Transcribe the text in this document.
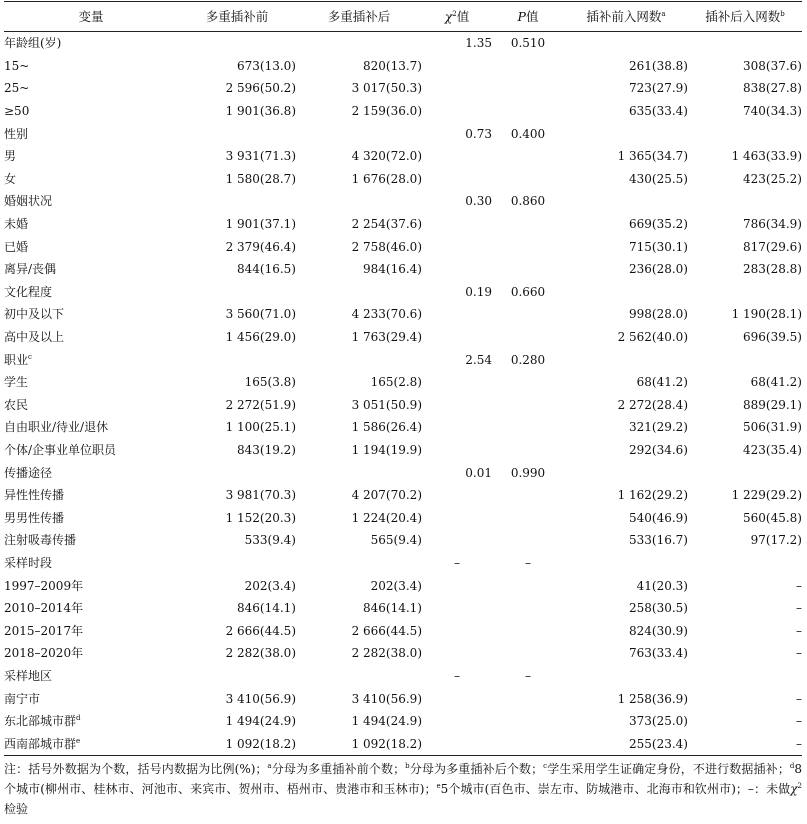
变量	多重插补前	多重插补后	$\chi^2$值	P值	插补前入网数$^a$	插补后入网数$^b$
年龄组(岁)			1.35	0.510		
15~	673(13.0)	820(13.7)			261(38.8)	308(37.6)
25~	2 596(50.2)	3 017(50.3)			723(27.9)	838(27.8)
≥50	1 901(36.8)	2 159(36.0)			635(33.4)	740(34.3)
性别			0.73	0.400		
男	3 931(71.3)	4 320(72.0)			1 365(34.7)	1 463(33.9)
女	1 580(28.7)	1 676(28.0)			430(25.5)	423(25.2)
婚姻状况			0.30	0.860		
未婚	1 901(37.1)	2 254(37.6)			669(35.2)	786(34.9)
已婚	2 379(46.4)	2 758(46.0)			715(30.1)	817(29.6)
离异/丧偶	844(16.5)	984(16.4)			236(28.0)	283(28.8)
文化程度			0.19	0.660		
初中及以下	3 560(71.0)	4 233(70.6)			998(28.0)	1 190(28.1)
高中及以上	1 456(29.0)	1 763(29.4)			2 562(40.0)	696(39.5)
职业$^c$			2.54	0.280		
学生	165(3.8)	165(2.8)			68(41.2)	68(41.2)
农民	2 272(51.9)	3 051(50.9)			2 272(28.4)	889(29.1)
自由职业/待业/退休	1 100(25.1)	1 586(26.4)			321(29.2)	506(31.9)
个体/企事业单位职员	843(19.2)	1 194(19.9)			292(34.6)	423(35.4)
传播途径			0.01	0.990		
异性性传播	3 981(70.3)	4 207(70.2)			1 162(29.2)	1 229(29.2)
男男性传播	1 152(20.3)	1 224(20.4)			540(46.9)	560(45.8)
注射吸毒传播	533(9.4)	565(9.4)			533(16.7)	97(17.2)
采样时段			–	–		
1997–2009年	202(3.4)	202(3.4)			41(20.3)	–
2010–2014年	846(14.1)	846(14.1)			258(30.5)	–
2015–2017年	2 666(44.5)	2 666(44.5)			824(30.9)	–
2018–2020年	2 282(38.0)	2 282(38.0)			763(33.4)	–
采样地区			–	–		
南宁市	3 410(56.9)	3 410(56.9)			1 258(36.9)	–
东北部城市群$^d$	1 494(24.9)	1 494(24.9)			373(25.0)	–
西南部城市群$^e$	1 092(18.2)	1 092(18.2)			255(23.4)	–
注：括号外数据为个数，括号内数据为比例(%)；$^a$分母为多重插补前个数；$^b$分母为多重插补后个数；$^c$学生采用学生证确定身份，不进行数据插补；$^d$8个城市(柳州市、桂林市、河池市、来宾市、贺州市、梧州市、贵港市和玉林市)；$^e$5个城市(百色市、崇左市、防城港市、北海市和钦州市)；–：未做$\chi^2$检验
